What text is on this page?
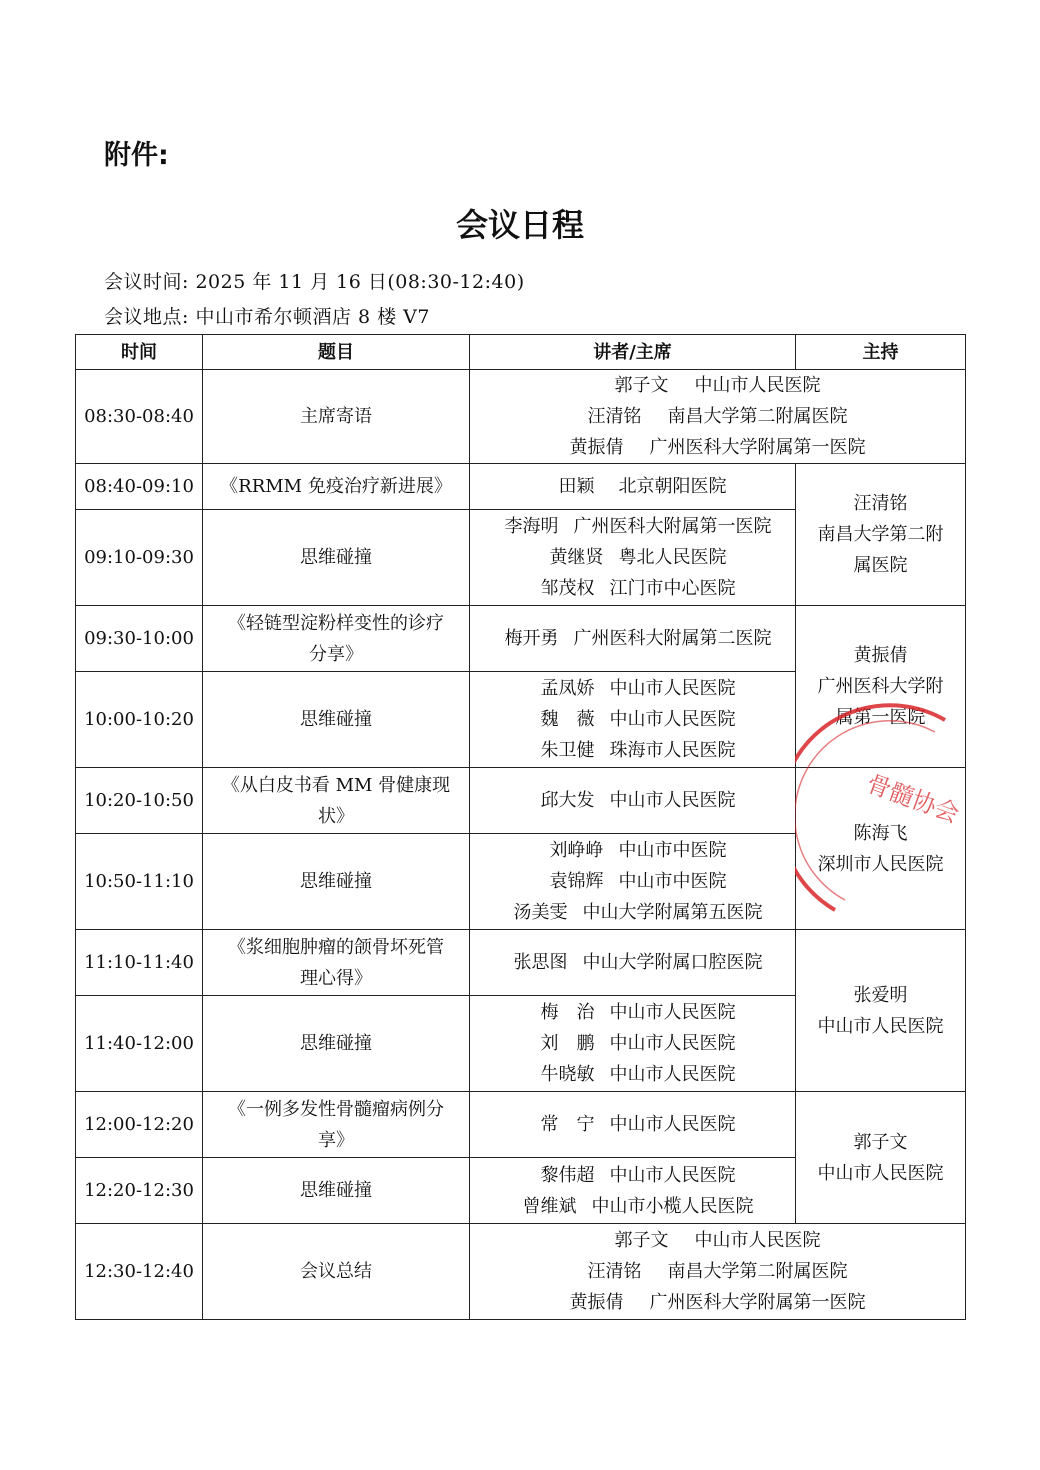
附件:
会议日程
会议时间: 2025 年 11 月 16 日(08:30-12:40)
会议地点: 中山市希尔顿酒店 8 楼 V7
时间	题目	讲者/主席	主持
08:30-08:40	主席寄语	郭子文 中山市人民医院
汪清铭 南昌大学第二附属医院
黄振倩 广州医科大学附属第一医院	

08:40-09:10	《RRMM 免疫治疗新进展》	田颖 北京朝阳医院	汪清铭
南昌大学第二附
属医院

09:10-09:30	思维碰撞	李海明 广州医科大附属第一医院
黄继贤 粤北人民医院
邹茂权 江门市中心医院	

09:30-10:00	《轻链型淀粉样变性的诊疗
分享》	梅开勇 广州医科大附属第二医院	黄振倩
广州医科大学附
属第一医院

10:00-10:20	思维碰撞	孟凤娇 中山市人民医院
魏　薇 中山市人民医院
朱卫健 珠海市人民医院	

10:20-10:50	《从白皮书看 MM 骨健康现
状》	邱大发 中山市人民医院	陈海飞
深圳市人民医院

10:50-11:10	思维碰撞	刘峥峥 中山市中医院
袁锦辉 中山市中医院
汤美雯 中山大学附属第五医院	

11:10-11:40	《浆细胞肿瘤的颌骨坏死管
理心得》	张思图 中山大学附属口腔医院	张爱明
中山市人民医院

11:40-12:00	思维碰撞	梅　治 中山市人民医院
刘　鹏 中山市人民医院
牛晓敏 中山市人民医院	

12:00-12:20	《一例多发性骨髓瘤病例分
享》	常　宁 中山市人民医院	郭子文
中山市人民医院

12:20-12:30	思维碰撞	黎伟超 中山市人民医院
曾维斌 中山市小榄人民医院	

12:30-12:40	会议总结	郭子文 中山市人民医院
汪清铭 南昌大学第二附属医院
黄振倩 广州医科大学附属第一医院	
骨髓协会
